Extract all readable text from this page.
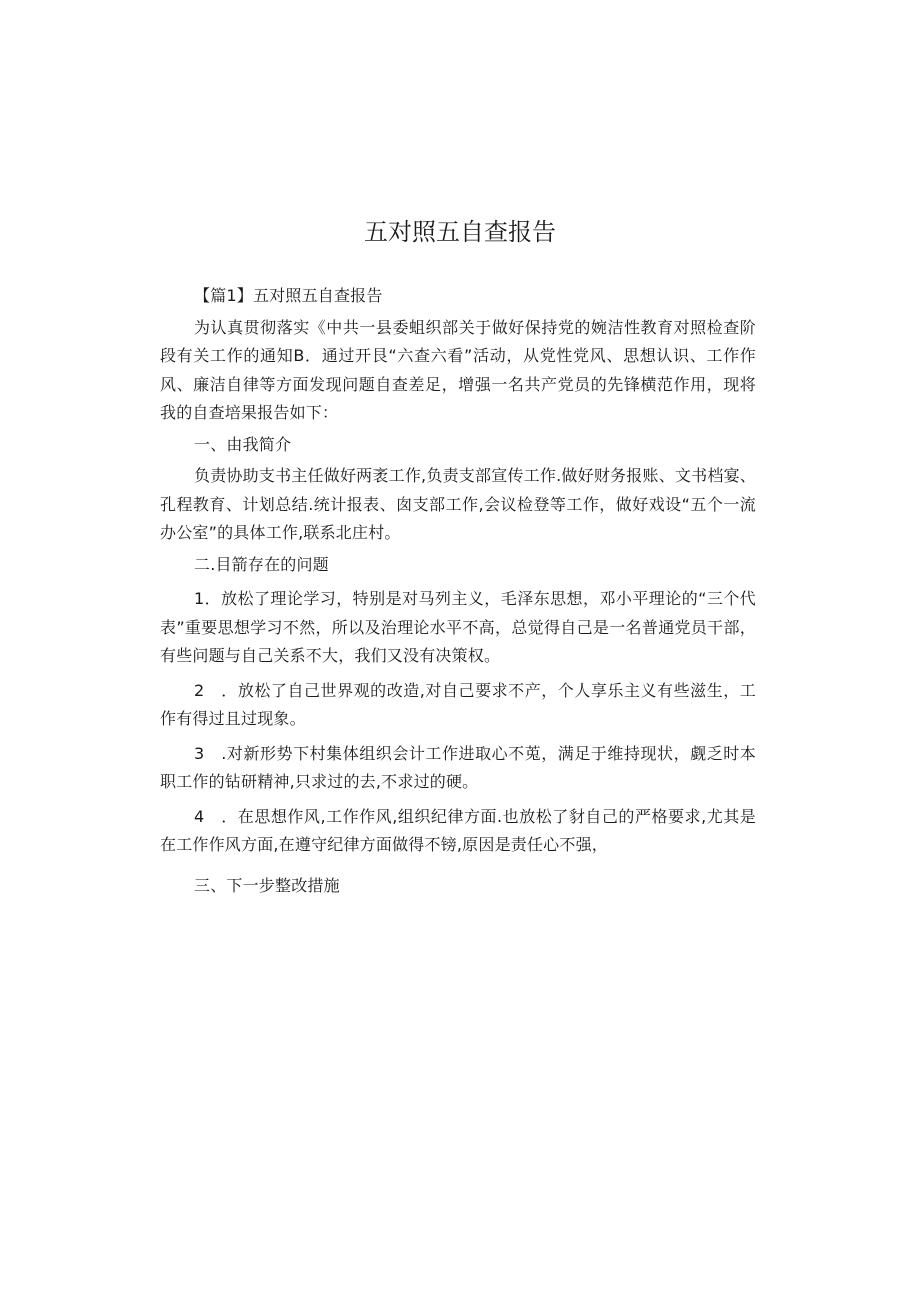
五对照五自查报告

【篇1】五对照五自查报告

为认真贯彻落实《中共一县委蛆织部关于做好保持党的婉洁性教育对照检查阶段有关工作的通知B．通过开艮“六查六看”活动，从党性党风、思想认识、工作作风、廉洁自律等方面发现问题自查差足，增强一名共产党员的先锋横范作用，现将我的自查培果报告如下：

一、由我简介

负责协助支书主任做好两袤工作,负责支部宣传工作.做好财务报账、文书档宴、孔程教育、计划总结.统计报表、囱支部工作,会议检登等工作，做好戏设“五个一流办公室”的具体工作,联系北庄村。

二.目箭存在的问题

1．放松了理论学习，特别是对马列主义，毛泽东思想，邓小平理论的“三个代表”重要思想学习不然，所以及治理论水平不高，总觉得自己是一名普通党员干部，有些问题与自己关系不大，我们又没有决策权。

2　．放松了自己世界观的改造,对自己要求不产，个人享乐主义有些滋生，工作有得过且过现象。

3　.对新形势下村集体组织会计工作进取心不莵，满足于维持现状，觑乏时本职工作的钻研精神,只求过的去,不求过的硬。

4　．在思想作风,工作作风,组织纪律方面.也放松了豺自己的严格要求,尤其是在工作作风方面,在遵守纪律方面做得不镑,原因是责任心不强，

三、下一步整改措施
